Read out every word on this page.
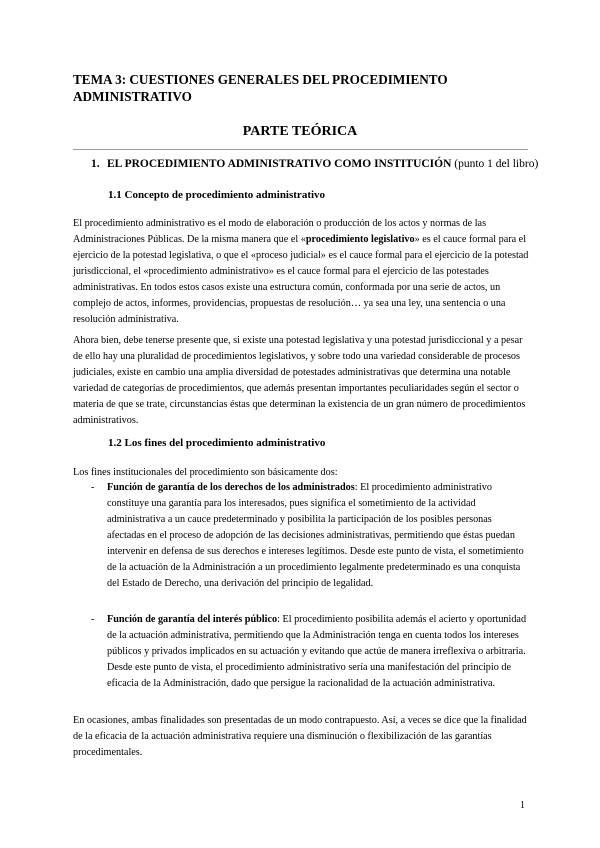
TEMA 3: CUESTIONES GENERALES DEL PROCEDIMIENTO ADMINISTRATIVO
PARTE TEÓRICA

1. EL PROCEDIMIENTO ADMINISTRATIVO COMO INSTITUCIÓN (punto 1 del libro)

1.1 Concepto de procedimiento administrativo

El procedimiento administrativo es el modo de elaboración o producción de los actos y normas de las Administraciones Públicas. De la misma manera que el «procedimiento legislativo» es el cauce formal para el ejercicio de la potestad legislativa, o que el «proceso judicial» es el cauce formal para el ejercicio de la potestad jurisdiccional, el «procedimiento administrativo» es el cauce formal para el ejercicio de las potestades administrativas. En todos estos casos existe una estructura común, conformada por una serie de actos, un complejo de actos, informes, providencias, propuestas de resolución… ya sea una ley, una sentencia o una resolución administrativa.

Ahora bien, debe tenerse presente que, si existe una potestad legislativa y una potestad jurisdiccional y a pesar de ello hay una pluralidad de procedimientos legislativos, y sobre todo una variedad considerable de procesos judiciales, existe en cambio una amplia diversidad de potestades administrativas que determina una notable variedad de categorías de procedimientos, que además presentan importantes peculiaridades según el sector o materia de que se trate, circunstancias éstas que determinan la existencia de un gran número de procedimientos administrativos.

1.2 Los fines del procedimiento administrativo

Los fines institucionales del procedimiento son básicamente dos:

- Función de garantía de los derechos de los administrados: El procedimiento administrativo constituye una garantía para los interesados, pues significa el sometimiento de la actividad administrativa a un cauce predeterminado y posibilita la participación de los posibles personas afectadas en el proceso de adopción de las decisiones administrativas, permitiendo que éstas puedan intervenir en defensa de sus derechos e intereses legítimos. Desde este punto de vista, el sometimiento de la actuación de la Administración a un procedimiento legalmente predeterminado es una conquista del Estado de Derecho, una derivación del principio de legalidad.

- Función de garantía del interés público: El procedimiento posibilita además el acierto y oportunidad de la actuación administrativa, permitiendo que la Administración tenga en cuenta todos los intereses públicos y privados implicados en su actuación y evitando que actúe de manera irreflexiva o arbitraria. Desde este punto de vista, el procedimiento administrativo sería una manifestación del principio de eficacia de la Administración, dado que persigue la racionalidad de la actuación administrativa.

En ocasiones, ambas finalidades son presentadas de un modo contrapuesto. Así, a veces se dice que la finalidad de la eficacia de la actuación administrativa requiere una disminución o flexibilización de las garantías procedimentales.

1
